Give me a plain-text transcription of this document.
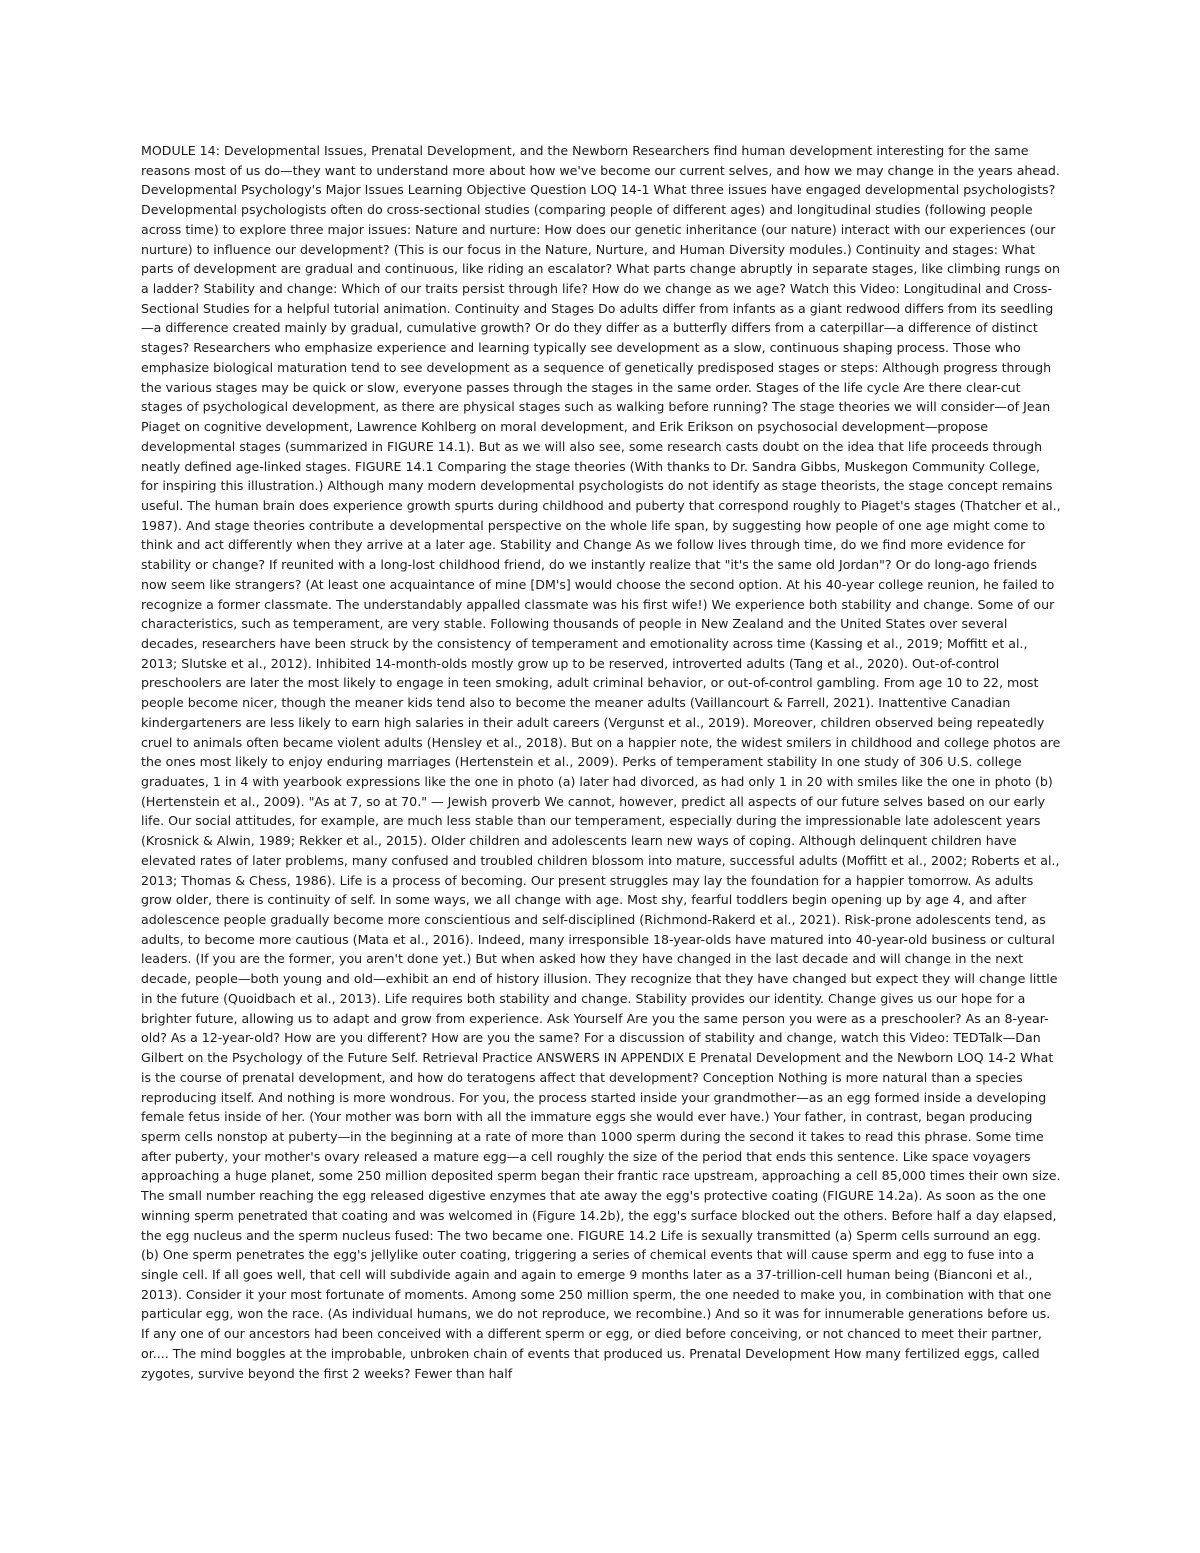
MODULE 14: Developmental Issues, Prenatal Development, and the Newborn Researchers find human development interesting for the same reasons most of us do—they want to understand more about how we've become our current selves, and how we may change in the years ahead. Developmental Psychology's Major Issues Learning Objective Question LOQ 14-1 What three issues have engaged developmental psychologists? Developmental psychologists often do cross-sectional studies (comparing people of different ages) and longitudinal studies (following people across time) to explore three major issues: Nature and nurture: How does our genetic inheritance (our nature) interact with our experiences (our nurture) to influence our development? (This is our focus in the Nature, Nurture, and Human Diversity modules.) Continuity and stages: What parts of development are gradual and continuous, like riding an escalator? What parts change abruptly in separate stages, like climbing rungs on a ladder? Stability and change: Which of our traits persist through life? How do we change as we age? Watch this Video: Longitudinal and Cross-Sectional Studies for a helpful tutorial animation. Continuity and Stages Do adults differ from infants as a giant redwood differs from its seedling—a difference created mainly by gradual, cumulative growth? Or do they differ as a butterfly differs from a caterpillar—a difference of distinct stages? Researchers who emphasize experience and learning typically see development as a slow, continuous shaping process. Those who emphasize biological maturation tend to see development as a sequence of genetically predisposed stages or steps: Although progress through the various stages may be quick or slow, everyone passes through the stages in the same order. Stages of the life cycle Are there clear-cut stages of psychological development, as there are physical stages such as walking before running? The stage theories we will consider—of Jean Piaget on cognitive development, Lawrence Kohlberg on moral development, and Erik Erikson on psychosocial development—propose developmental stages (summarized in FIGURE 14.1). But as we will also see, some research casts doubt on the idea that life proceeds through neatly defined age-linked stages. FIGURE 14.1 Comparing the stage theories (With thanks to Dr. Sandra Gibbs, Muskegon Community College, for inspiring this illustration.) Although many modern developmental psychologists do not identify as stage theorists, the stage concept remains useful. The human brain does experience growth spurts during childhood and puberty that correspond roughly to Piaget's stages (Thatcher et al., 1987). And stage theories contribute a developmental perspective on the whole life span, by suggesting how people of one age might come to think and act differently when they arrive at a later age. Stability and Change As we follow lives through time, do we find more evidence for stability or change? If reunited with a long-lost childhood friend, do we instantly realize that "it's the same old Jordan"? Or do long-ago friends now seem like strangers? (At least one acquaintance of mine [DM's] would choose the second option. At his 40-year college reunion, he failed to recognize a former classmate. The understandably appalled classmate was his first wife!) We experience both stability and change. Some of our characteristics, such as temperament, are very stable. Following thousands of people in New Zealand and the United States over several decades, researchers have been struck by the consistency of temperament and emotionality across time (Kassing et al., 2019; Moffitt et al., 2013; Slutske et al., 2012). Inhibited 14-month-olds mostly grow up to be reserved, introverted adults (Tang et al., 2020). Out-of-control preschoolers are later the most likely to engage in teen smoking, adult criminal behavior, or out-of-control gambling. From age 10 to 22, most people become nicer, though the meaner kids tend also to become the meaner adults (Vaillancourt & Farrell, 2021). Inattentive Canadian kindergarteners are less likely to earn high salaries in their adult careers (Vergunst et al., 2019). Moreover, children observed being repeatedly cruel to animals often became violent adults (Hensley et al., 2018). But on a happier note, the widest smilers in childhood and college photos are the ones most likely to enjoy enduring marriages (Hertenstein et al., 2009). Perks of temperament stability In one study of 306 U.S. college graduates, 1 in 4 with yearbook expressions like the one in photo (a) later had divorced, as had only 1 in 20 with smiles like the one in photo (b) (Hertenstein et al., 2009). "As at 7, so at 70." — Jewish proverb We cannot, however, predict all aspects of our future selves based on our early life. Our social attitudes, for example, are much less stable than our temperament, especially during the impressionable late adolescent years (Krosnick & Alwin, 1989; Rekker et al., 2015). Older children and adolescents learn new ways of coping. Although delinquent children have elevated rates of later problems, many confused and troubled children blossom into mature, successful adults (Moffitt et al., 2002; Roberts et al., 2013; Thomas & Chess, 1986). Life is a process of becoming. Our present struggles may lay the foundation for a happier tomorrow. As adults grow older, there is continuity of self. In some ways, we all change with age. Most shy, fearful toddlers begin opening up by age 4, and after adolescence people gradually become more conscientious and self-disciplined (Richmond-Rakerd et al., 2021). Risk-prone adolescents tend, as adults, to become more cautious (Mata et al., 2016). Indeed, many irresponsible 18-year-olds have matured into 40-year-old business or cultural leaders. (If you are the former, you aren't done yet.) But when asked how they have changed in the last decade and will change in the next decade, people—both young and old—exhibit an end of history illusion. They recognize that they have changed but expect they will change little in the future (Quoidbach et al., 2013). Life requires both stability and change. Stability provides our identity. Change gives us our hope for a brighter future, allowing us to adapt and grow from experience. Ask Yourself Are you the same person you were as a preschooler? As an 8-year-old? As a 12-year-old? How are you different? How are you the same? For a discussion of stability and change, watch this Video: TEDTalk—Dan Gilbert on the Psychology of the Future Self. Retrieval Practice ANSWERS IN APPENDIX E Prenatal Development and the Newborn LOQ 14-2 What is the course of prenatal development, and how do teratogens affect that development? Conception Nothing is more natural than a species reproducing itself. And nothing is more wondrous. For you, the process started inside your grandmother—as an egg formed inside a developing female fetus inside of her. (Your mother was born with all the immature eggs she would ever have.) Your father, in contrast, began producing sperm cells nonstop at puberty—in the beginning at a rate of more than 1000 sperm during the second it takes to read this phrase. Some time after puberty, your mother's ovary released a mature egg—a cell roughly the size of the period that ends this sentence. Like space voyagers approaching a huge planet, some 250 million deposited sperm began their frantic race upstream, approaching a cell 85,000 times their own size. The small number reaching the egg released digestive enzymes that ate away the egg's protective coating (FIGURE 14.2a). As soon as the one winning sperm penetrated that coating and was welcomed in (Figure 14.2b), the egg's surface blocked out the others. Before half a day elapsed, the egg nucleus and the sperm nucleus fused: The two became one. FIGURE 14.2 Life is sexually transmitted (a) Sperm cells surround an egg. (b) One sperm penetrates the egg's jellylike outer coating, triggering a series of chemical events that will cause sperm and egg to fuse into a single cell. If all goes well, that cell will subdivide again and again to emerge 9 months later as a 37-trillion-cell human being (Bianconi et al., 2013). Consider it your most fortunate of moments. Among some 250 million sperm, the one needed to make you, in combination with that one particular egg, won the race. (As individual humans, we do not reproduce, we recombine.) And so it was for innumerable generations before us. If any one of our ancestors had been conceived with a different sperm or egg, or died before conceiving, or not chanced to meet their partner, or.... The mind boggles at the improbable, unbroken chain of events that produced us. Prenatal Development How many fertilized eggs, called zygotes, survive beyond the first 2 weeks? Fewer than half
